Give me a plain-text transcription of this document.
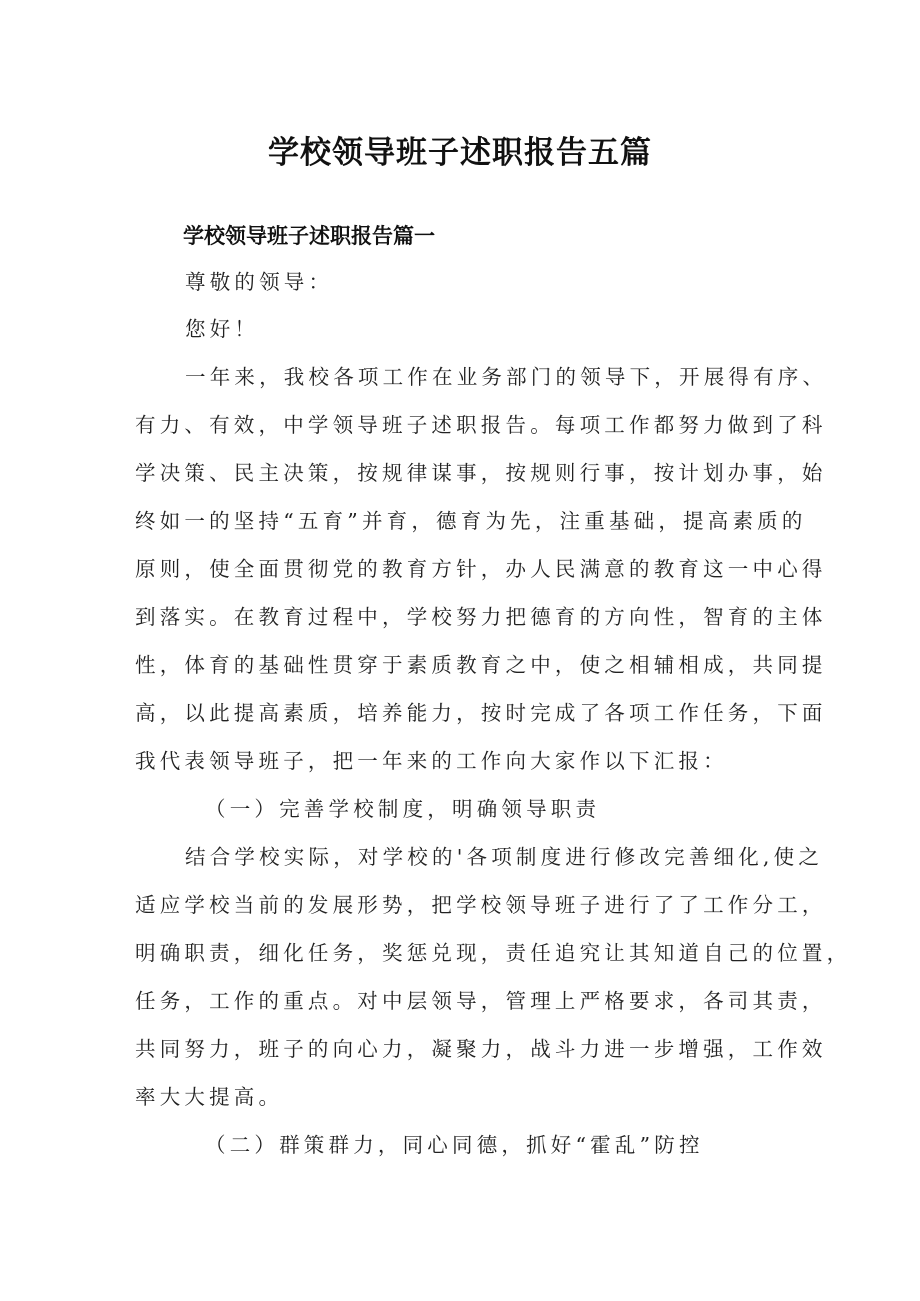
学校领导班子述职报告五篇
学校领导班子述职报告篇一

尊敬的领导：

您好！

一年来，我校各项工作在业务部门的领导下，开展得有序、

有力、有效，中学领导班子述职报告。每项工作都努力做到了科

学决策、民主决策，按规律谋事，按规则行事，按计划办事，始

终如一的坚持“五育”并育，德育为先，注重基础，提高素质的

原则，使全面贯彻党的教育方针，办人民满意的教育这一中心得

到落实。在教育过程中，学校努力把德育的方向性，智育的主体

性，体育的基础性贯穿于素质教育之中，使之相辅相成，共同提

高，以此提高素质，培养能力，按时完成了各项工作任务，下面

我代表领导班子，把一年来的工作向大家作以下汇报：

（一）完善学校制度，明确领导职责

结合学校实际，对学校的'各项制度进行修改完善细化,使之

适应学校当前的发展形势，把学校领导班子进行了了工作分工，

明确职责，细化任务，奖惩兑现，责任追究让其知道自己的位置，

任务，工作的重点。对中层领导，管理上严格要求，各司其责，

共同努力，班子的向心力，凝聚力，战斗力进一步增强，工作效

率大大提高。

（二）群策群力，同心同德，抓好“霍乱”防控
